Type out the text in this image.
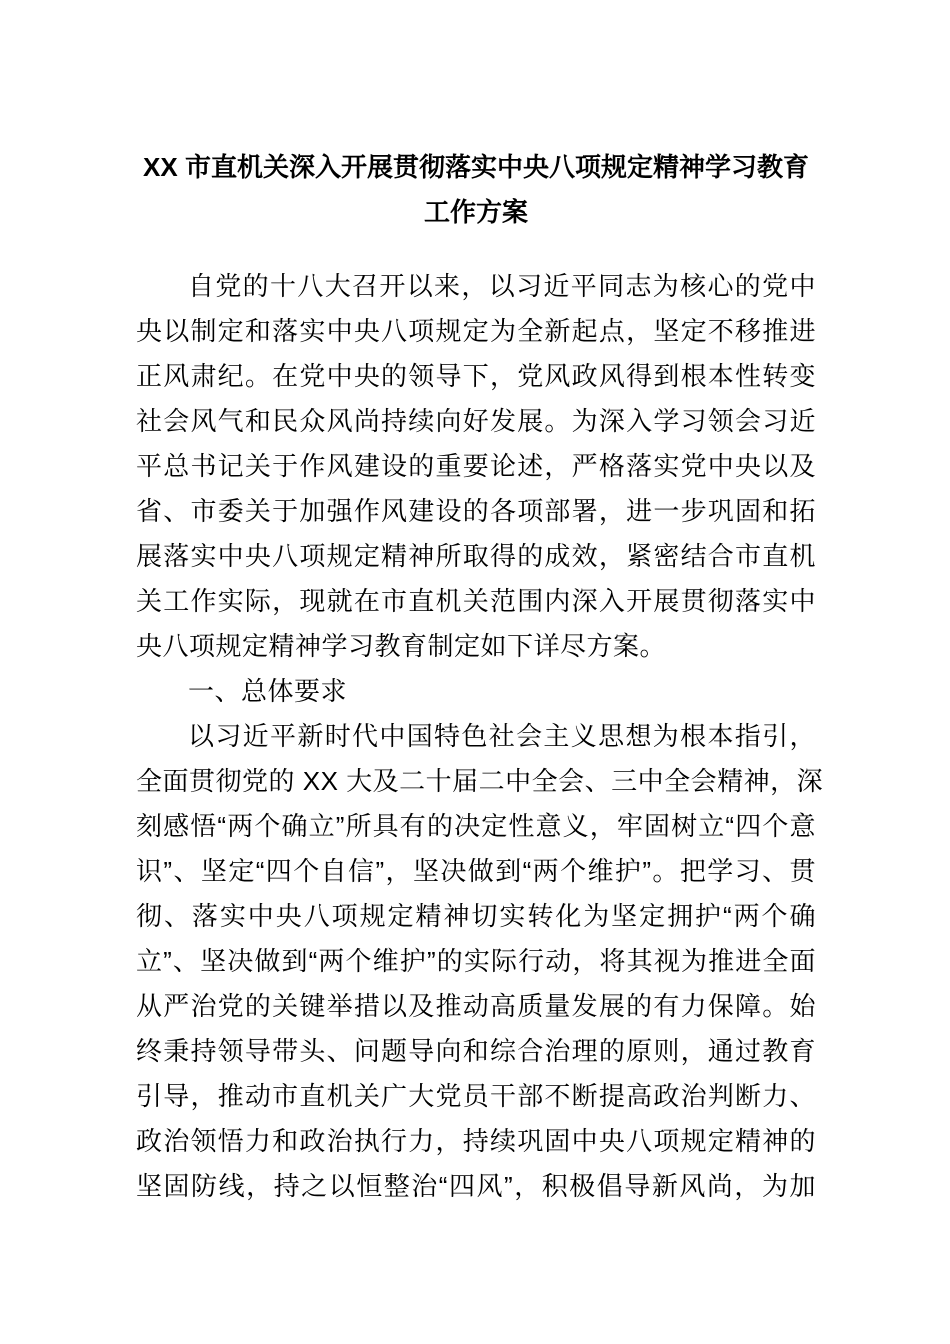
XX 市直机关深入开展贯彻落实中央八项规定精神学习教育
工作方案
自党的十八大召开以来，以习近平同志为核心的党中
央以制定和落实中央八项规定为全新起点，坚定不移推进
正风肃纪。在党中央的领导下，党风政风得到根本性转变
社会风气和民众风尚持续向好发展。为深入学习领会习近
平总书记关于作风建设的重要论述，严格落实党中央以及
省、市委关于加强作风建设的各项部署，进一步巩固和拓
展落实中央八项规定精神所取得的成效，紧密结合市直机
关工作实际，现就在市直机关范围内深入开展贯彻落实中
央八项规定精神学习教育制定如下详尽方案。
一、总体要求
以习近平新时代中国特色社会主义思想为根本指引，
全面贯彻党的 XX 大及二十届二中全会、三中全会精神，深
刻感悟“两个确立”所具有的决定性意义，牢固树立“四个意
识”、坚定“四个自信”，坚决做到“两个维护”。把学习、贯
彻、落实中央八项规定精神切实转化为坚定拥护“两个确
立”、坚决做到“两个维护”的实际行动，将其视为推进全面
从严治党的关键举措以及推动高质量发展的有力保障。始
终秉持领导带头、问题导向和综合治理的原则，通过教育
引导，推动市直机关广大党员干部不断提高政治判断力、
政治领悟力和政治执行力，持续巩固中央八项规定精神的
坚固防线，持之以恒整治“四风”，积极倡导新风尚，为加
